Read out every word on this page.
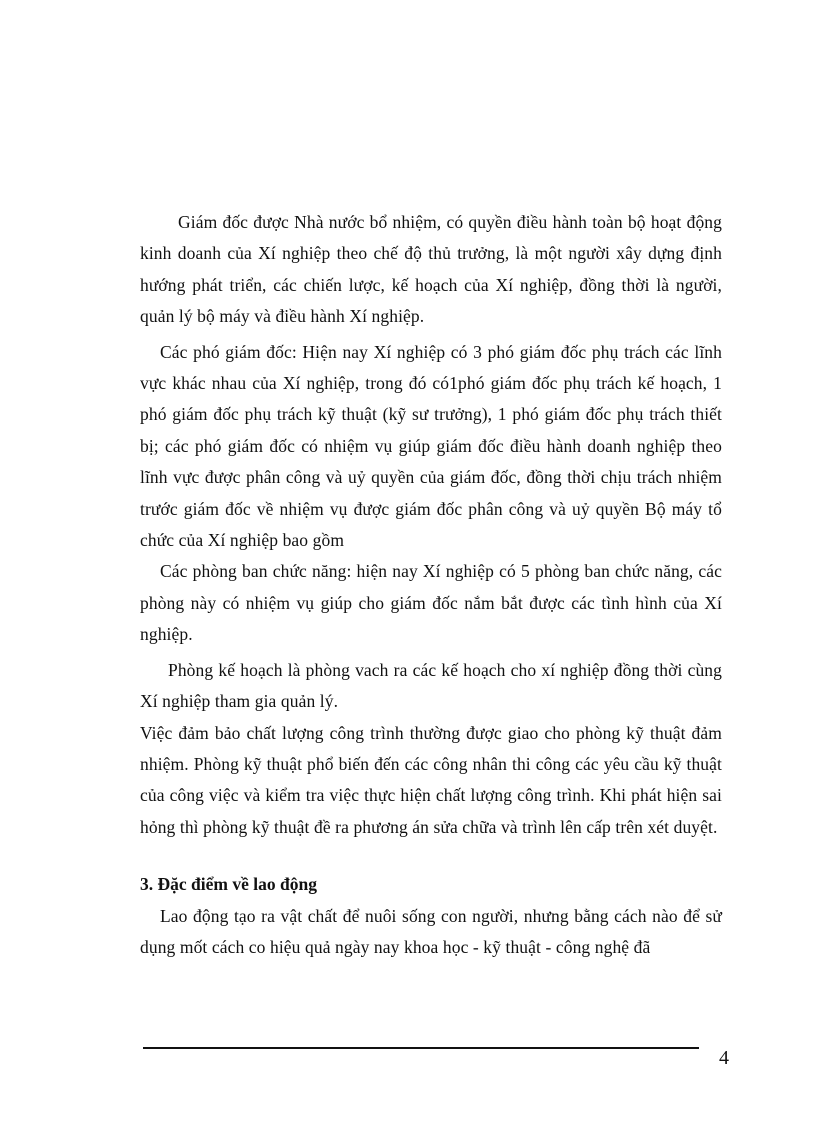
Giám đốc được Nhà nước bổ nhiệm, có quyền điều hành toàn bộ hoạt động kinh doanh của Xí nghiệp theo chế độ thủ trưởng, là một người xây dựng định hướng phát triển, các chiến lược, kế hoạch của Xí nghiệp, đồng thời là người, quản lý bộ máy và điều hành Xí nghiệp.

Các phó giám đốc: Hiện nay Xí nghiệp có 3 phó giám đốc phụ trách các lĩnh vực khác nhau của Xí nghiệp, trong đó có1phó giám đốc phụ trách kế hoạch, 1 phó giám đốc phụ trách kỹ thuật (kỹ sư trưởng), 1 phó giám đốc phụ trách thiết bị; các phó giám đốc có nhiệm vụ giúp giám đốc điều hành doanh nghiệp theo lĩnh vực được phân công và uỷ quyền của giám đốc, đồng thời chịu trách nhiệm trước giám đốc về nhiệm vụ được giám đốc phân công và uỷ quyền Bộ máy tổ chức của Xí nghiệp bao gồm

Các phòng ban chức năng: hiện nay Xí nghiệp có 5 phòng ban chức năng, các phòng này có nhiệm vụ giúp cho giám đốc nắm bắt được các tình hình của Xí nghiệp.

Phòng kế hoạch là phòng vach ra các kế hoạch cho xí nghiệp đồng thời cùng Xí nghiệp tham gia quản lý.

Việc đảm bảo chất lượng công trình thường được giao cho phòng kỹ thuật đảm nhiệm. Phòng kỹ thuật phổ biến đến các công nhân thi công các yêu cầu kỹ thuật của công việc và kiểm tra việc thực hiện chất lượng công trình. Khi phát hiện sai hỏng thì phòng kỹ thuật đề ra phương án sửa chữa và trình lên cấp trên xét duyệt.

3. Đặc điểm về lao động

Lao động tạo ra vật chất để nuôi sống con người, nhưng bằng cách nào để sử dụng mốt cách co hiệu quả ngày nay khoa học - kỹ thuật - công nghệ đã

4
